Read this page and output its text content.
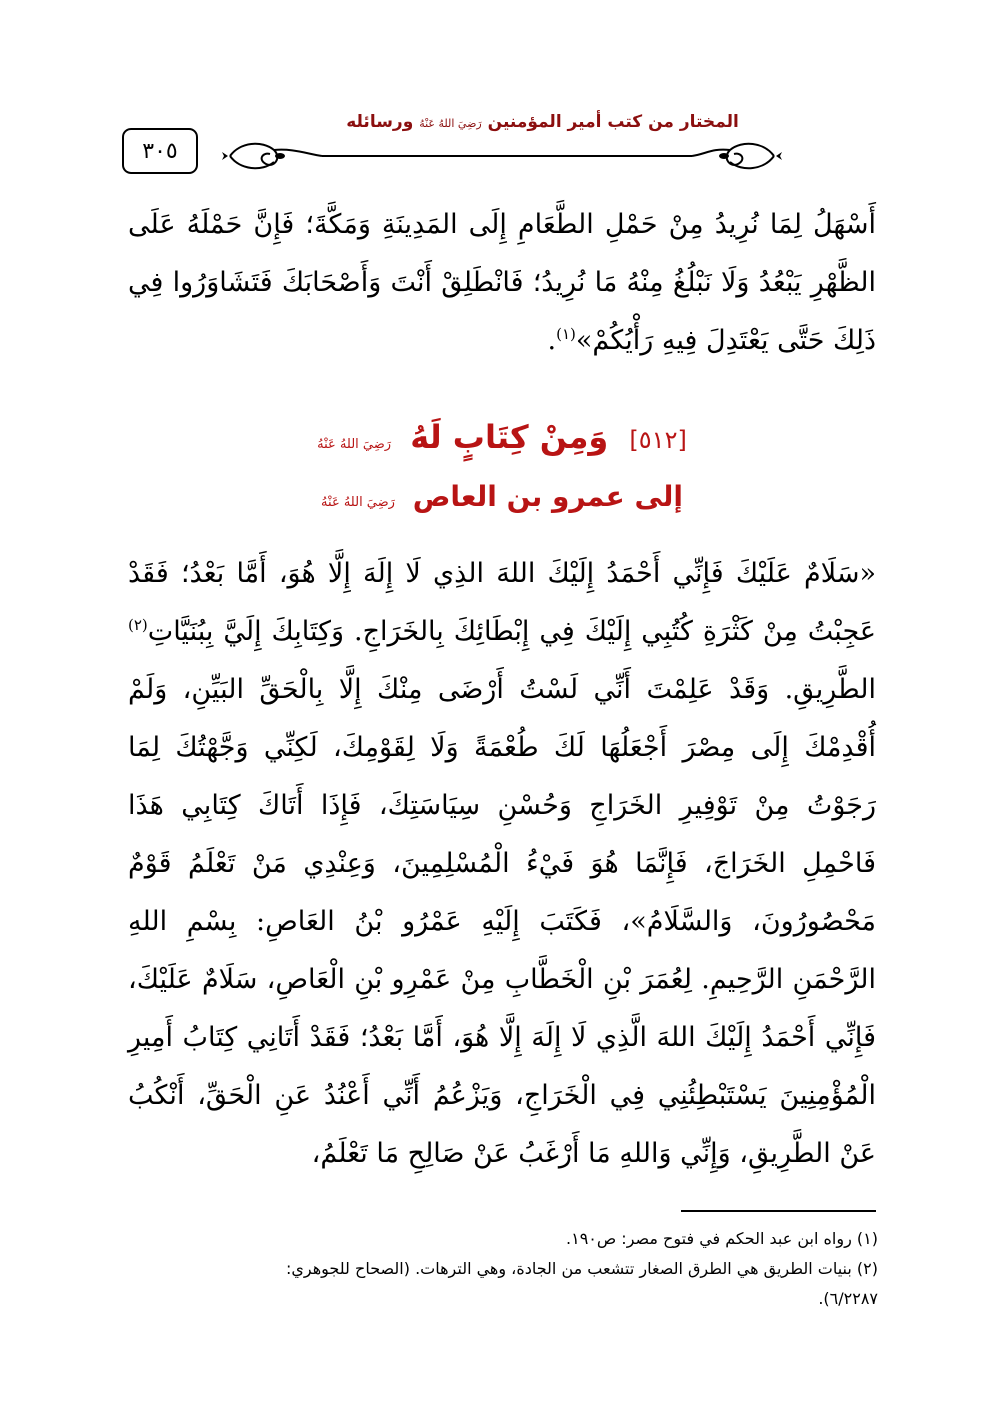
٣٠٥
المختار من كتب أمير المؤمنين رَضِيَ اللهُ عَنْهُ ورسائله
أَسْهَلُ لِمَا نُرِيدُ مِنْ حَمْلِ الطَّعَامِ إِلَى المَدِينَةِ وَمَكَّةَ؛ فَإِنَّ حَمْلَهُ عَلَى الظَّهْرِ يَبْعُدُ وَلَا نَبْلُغُ مِنْهُ مَا نُرِيدُ؛ فَانْطَلِقْ أَنْتَ وَأَصْحَابَكَ فَتَشَاوَرُوا فِي ذَلِكَ حَتَّى يَعْتَدِلَ فِيهِ رَأْيُكُمْ»$^{(١)}$.
[٥١٢] وَمِنْ كِتَابٍ لَهُ رَضِيَ اللهُ عَنْهُ
إلى عمرو بن العاص رَضِيَ اللهُ عَنْهُ
«سَلَامٌ عَلَيْكَ فَإِنِّي أَحْمَدُ إِلَيْكَ اللهَ الذِي لَا إِلَهَ إِلَّا هُوَ، أَمَّا بَعْدُ؛ فَقَدْ عَجِبْتُ مِنْ كَثْرَةِ كُتُبِي إِلَيْكَ فِي إِبْطَائِكَ بِالخَرَاجِ. وَكِتَابِكَ إِلَيَّ بِبُنَيَّاتِ$^{(٢)}$ الطَّرِيقِ. وَقَدْ عَلِمْتَ أَنِّي لَسْتُ أَرْضَى مِنْكَ إِلَّا بِالْحَقِّ البَيِّنِ، وَلَمْ أُقْدِمْكَ إِلَى مِصْرَ أَجْعَلُهَا لَكَ طُعْمَةً وَلَا لِقَوْمِكَ، لَكِنِّي وَجَّهْتُكَ لِمَا رَجَوْتُ مِنْ تَوْفِيرِ الخَرَاجِ وَحُسْنِ سِيَاسَتِكَ، فَإِذَا أَتَاكَ كِتَابِي هَذَا فَاحْمِلِ الخَرَاجَ، فَإِنَّمَا هُوَ فَيْءُ الْمُسْلِمِينَ، وَعِنْدِي مَنْ تَعْلَمُ قَوْمٌ مَحْصُورُونَ، وَالسَّلَامُ»، فَكَتَبَ إِلَيْهِ عَمْرُو بْنُ العَاصِ: بِسْمِ اللهِ الرَّحْمَنِ الرَّحِيمِ. لِعُمَرَ بْنِ الْخَطَّابِ مِنْ عَمْرِو بْنِ الْعَاصِ، سَلَامٌ عَلَيْكَ، فَإِنِّي أَحْمَدُ إِلَيْكَ اللهَ الَّذِي لَا إِلَهَ إِلَّا هُوَ، أَمَّا بَعْدُ؛ فَقَدْ أَتَانِي كِتَابُ أَمِيرِ الْمُؤْمِنِينَ يَسْتَبْطِئُنِي فِي الْخَرَاجِ، وَيَزْعُمُ أَنِّي أَعْنُدُ عَنِ الْحَقِّ، أَنْكُبُ عَنْ الطَّرِيقِ، وَإِنِّي وَاللهِ مَا أَرْغَبُ عَنْ صَالِحِ مَا تَعْلَمُ،

(١) رواه ابن عبد الحكم في فتوح مصر: ص١٩٠.

(٢) بنيات الطريق هي الطرق الصغار تتشعب من الجادة، وهي الترهات. (الصحاح للجوهري:

٦/٢٢٨٧).
